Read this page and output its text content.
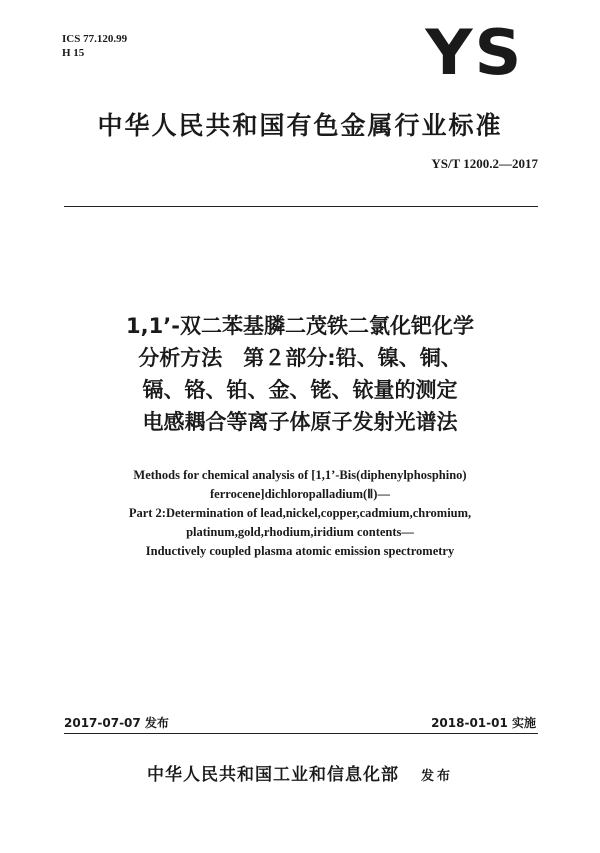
ICS 77.120.99
H 15	YS
中华人民共和国有色金属行业标准
YS/T 1200.2—2017
1,1’-双二苯基膦二茂铁二氯化钯化学
分析方法　第２部分:铅、镍、铜、
镉、铬、铂、金、铑、铱量的测定
电感耦合等离子体原子发射光谱法
Methods for chemical analysis of [1,1’-Bis(diphenylphosphino)
ferrocene]dichloropalladium(Ⅱ)—
Part 2:Determination of lead,nickel,copper,cadmium,chromium,
platinum,gold,rhodium,iridium contents—
Inductively coupled plasma atomic emission spectrometry
2017-07-07 发布	2018-01-01 实施
中华人民共和国工业和信息化部 发布
